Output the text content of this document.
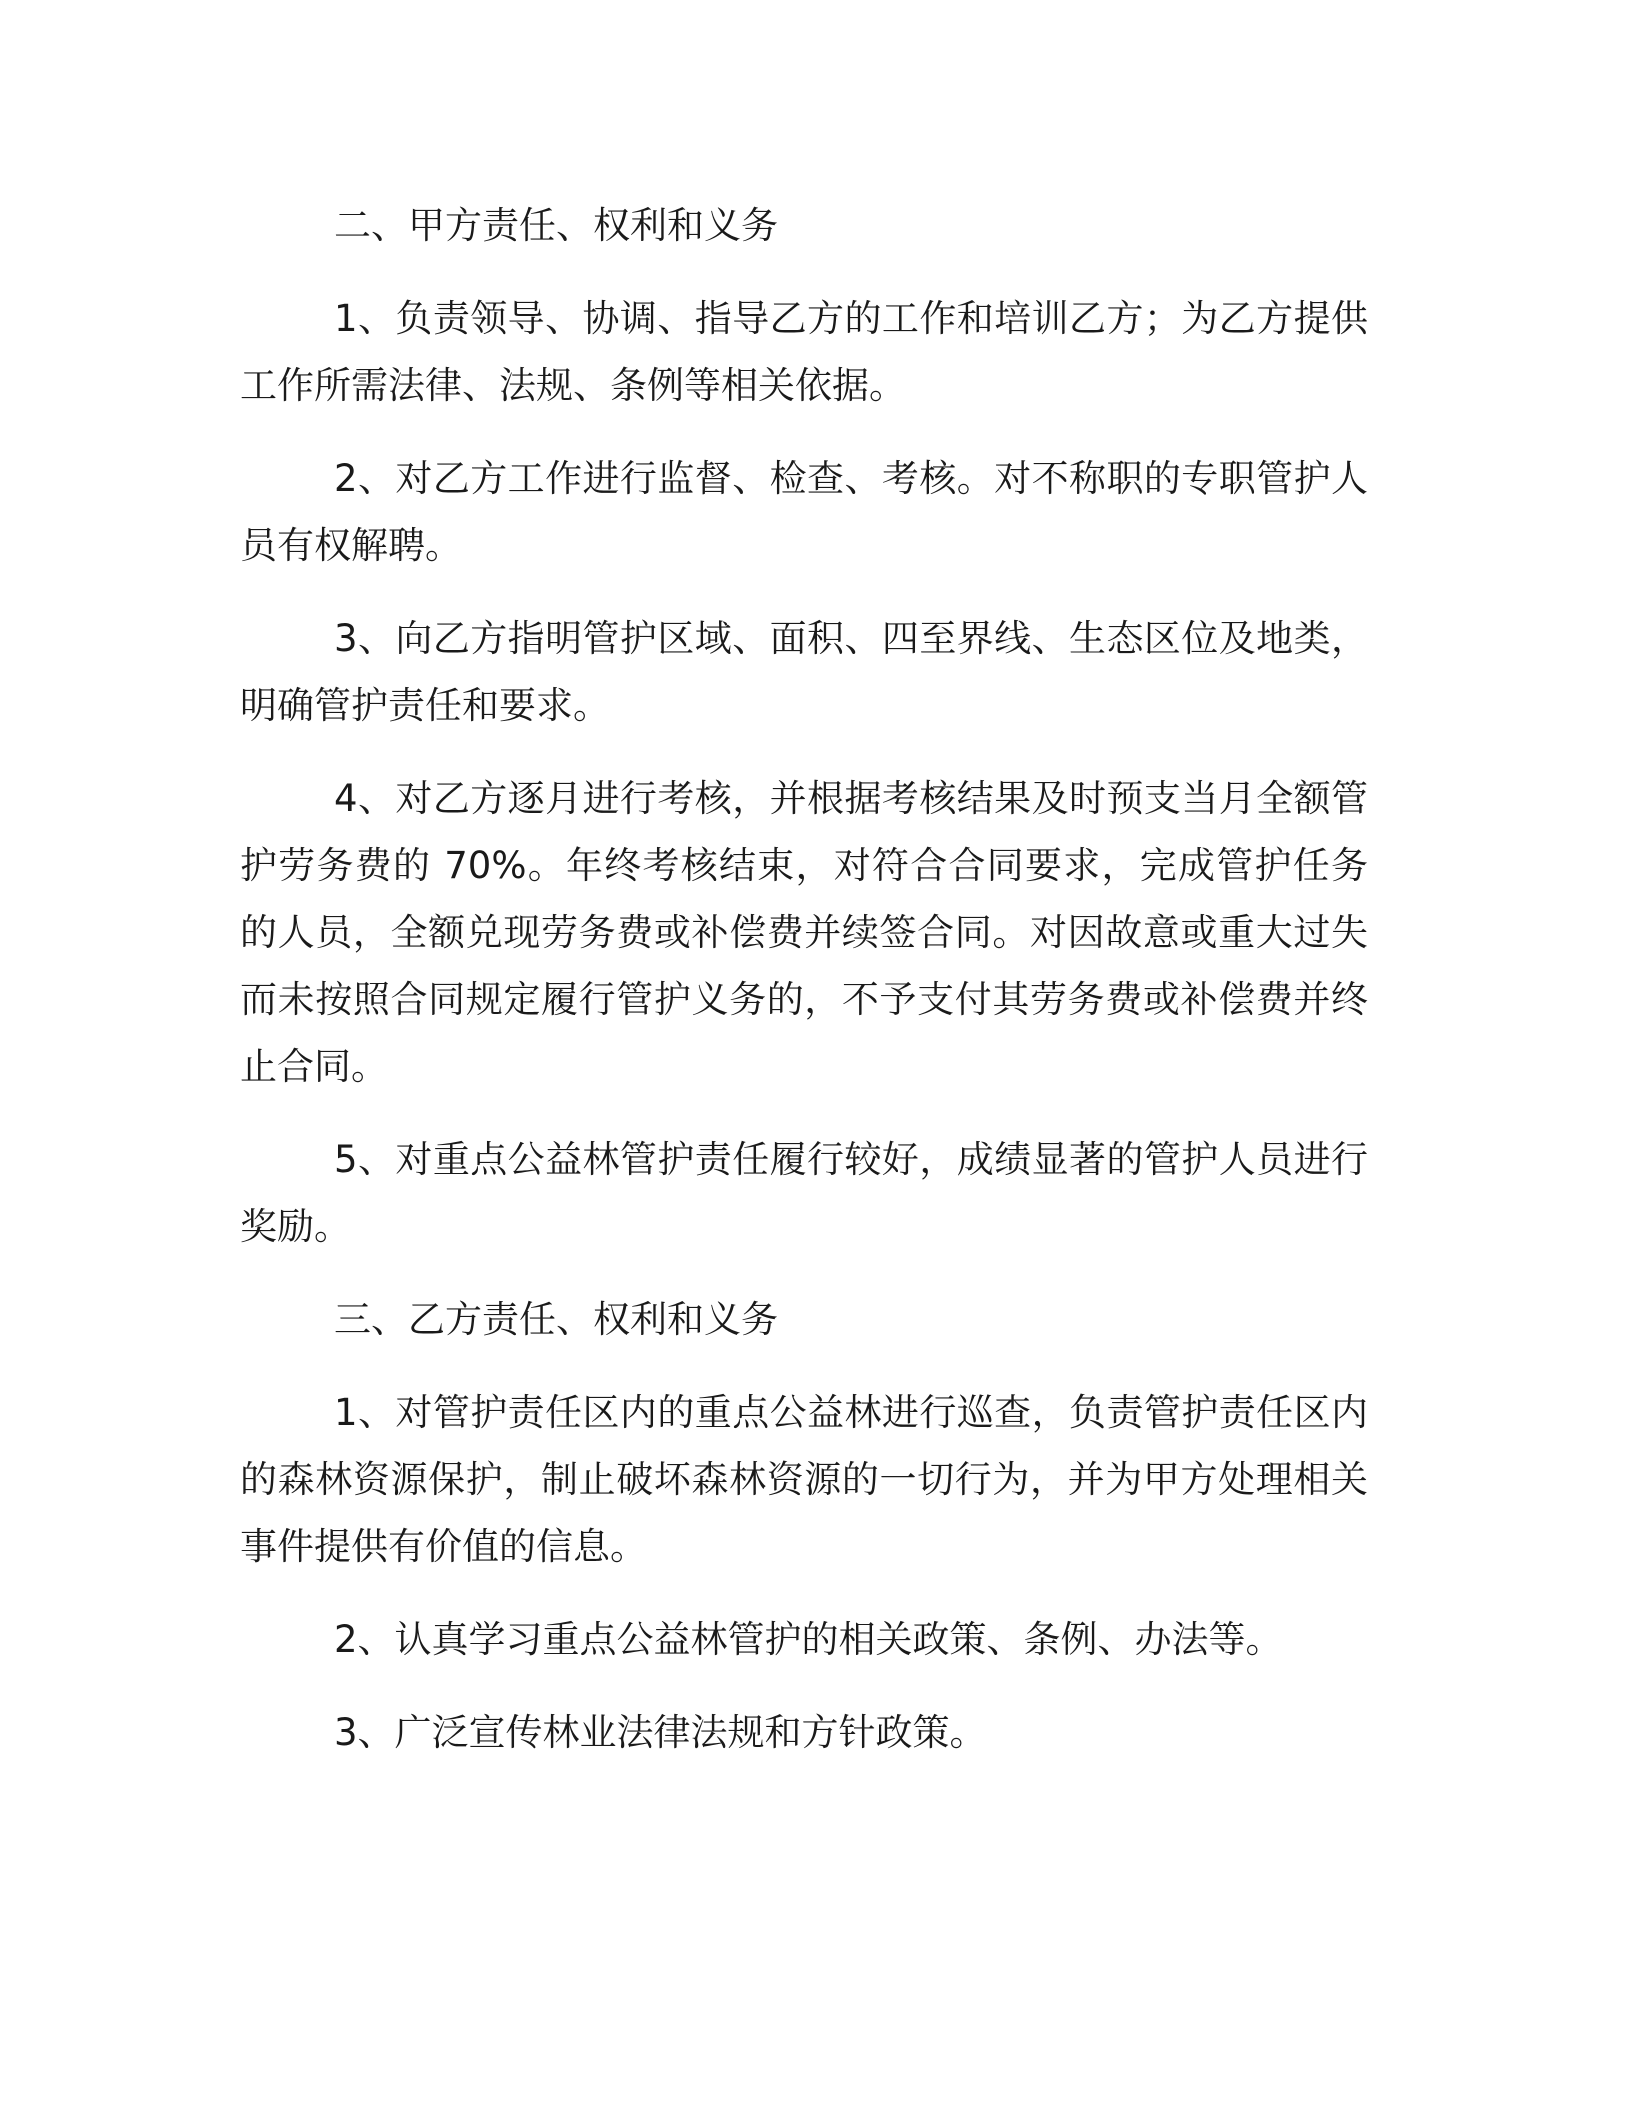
二、甲方责任、权利和义务

1、负责领导、协调、指导乙方的工作和培训乙方；为乙方提供工作所需法律、法规、条例等相关依据。

2、对乙方工作进行监督、检查、考核。对不称职的专职管护人员有权解聘。

3、向乙方指明管护区域、面积、四至界线、生态区位及地类，明确管护责任和要求。

4、对乙方逐月进行考核，并根据考核结果及时预支当月全额管护劳务费的 70%。年终考核结束，对符合合同要求，完成管护任务的人员，全额兑现劳务费或补偿费并续签合同。对因故意或重大过失而未按照合同规定履行管护义务的，不予支付其劳务费或补偿费并终止合同。

5、对重点公益林管护责任履行较好，成绩显著的管护人员进行奖励。

三、乙方责任、权利和义务

1、对管护责任区内的重点公益林进行巡查，负责管护责任区内的森林资源保护，制止破坏森林资源的一切行为，并为甲方处理相关事件提供有价值的信息。

2、认真学习重点公益林管护的相关政策、条例、办法等。

3、广泛宣传林业法律法规和方针政策。
